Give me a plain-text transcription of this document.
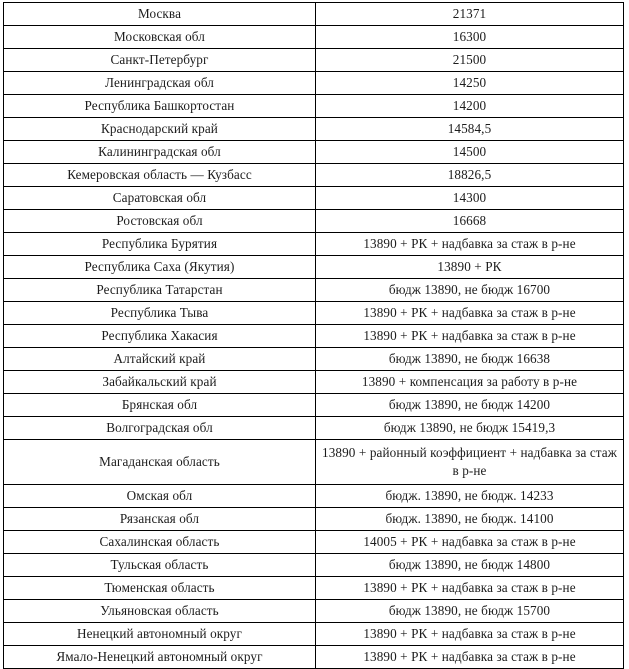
Москва	21371
Московская обл	16300
Санкт-Петербург	21500
Ленинградская обл	14250
Республика Башкортостан	14200
Краснодарский край	14584,5
Калининградская обл	14500
Кемеровская область — Кузбасс	18826,5
Саратовская обл	14300
Ростовская обл	16668
Республика Бурятия	13890 + РК + надбавка за стаж в р-не
Республика Саха (Якутия)	13890 + РК
Республика Татарстан	бюдж 13890, не бюдж 16700
Республика Тыва	13890 + РК + надбавка за стаж в р-не
Республика Хакасия	13890 + РК + надбавка за стаж в р-не
Алтайский край	бюдж 13890, не бюдж 16638
Забайкальский край	13890 + компенсация за работу в р-не
Брянская обл	бюдж 13890, не бюдж 14200
Волгоградская обл	бюдж 13890, не бюдж 15419,3
Магаданская область	13890 + районный коэффициент + надбавка за стаж в р-не
Омская обл	бюдж. 13890, не бюдж. 14233
Рязанская обл	бюдж. 13890, не бюдж. 14100
Сахалинская область	14005 + РК + надбавка за стаж в р-не
Тульская область	бюдж 13890, не бюдж 14800
Тюменская область	13890 + РК + надбавка за стаж в р-не
Ульяновская область	бюдж 13890, не бюдж 15700
Ненецкий автономный округ	13890 + РК + надбавка за стаж в р-не
Ямало-Ненецкий автономный округ	13890 + РК + надбавка за стаж в р-не
